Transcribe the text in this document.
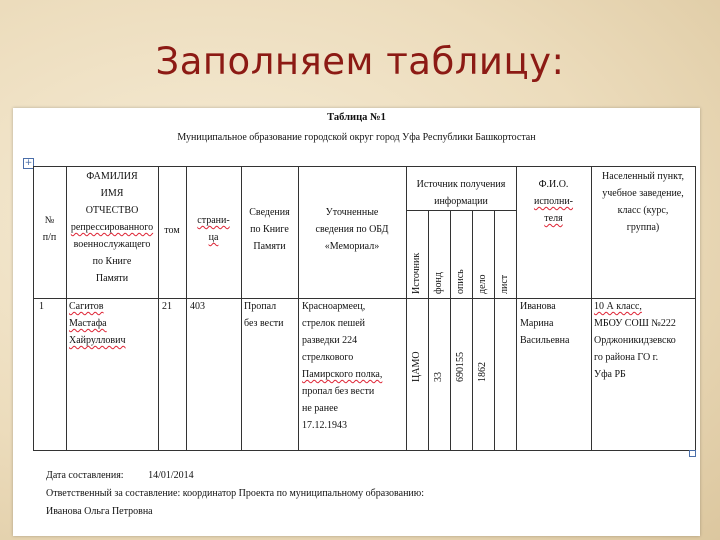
Заполняем таблицу:
Таблица №1
Муниципальное образование городской округ город Уфа Республики Башкортостан
+
№
п/п
ФАМИЛИЯ
ИМЯ
ОТЧЕСТВО
репрессированного
военнослужащего
по Книге
Памяти
том
страни-
ца
Сведения
по Книге
Памяти
Уточненные
сведения по ОБД
«Мемориал»
Источник получения
информации
Источник фонд опись дело лист
Ф.И.О.
исполни-
теля
Населенный пункт,
учебное заведение,
класс (курс,
группа)
1	Сагитов
Мастафа
Хайруллович
21 403	Пропал
без вести
Красноармеец,
стрелок пешей
разведки 224
стрелкового
Памирского полка,
пропал без вести
не ранее
17.12.1943
ЦАМО 33 690155 1862
Иванова
Марина
Васильевна
10 А класс,
МБОУ СОШ №222
Орджоникидзевско
го района ГО г.
Уфа РБ
Дата составления: 14/01/2014
Ответственный за составление: координатор Проекта по муниципальному образованию:
Иванова Ольга Петровна
